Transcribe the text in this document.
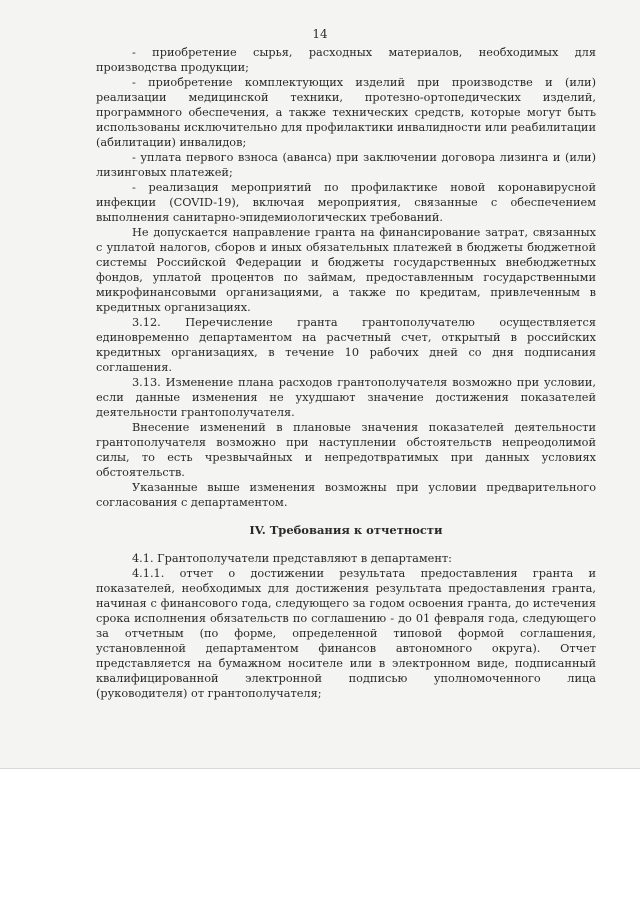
14

- приобретение сырья, расходных материалов, необходимых для производства продукции;

- приобретение комплектующих изделий при производстве и (или) реализации медицинской техники, протезно-ортопедических изделий, программного обеспечения, а также технических средств, которые могут быть использованы исключительно для профилактики инвалидности или реабилитации (абилитации) инвалидов;

- уплата первого взноса (аванса) при заключении договора лизинга и (или) лизинговых платежей;

- реализация мероприятий по профилактике новой коронавирусной инфекции (COVID-19), включая мероприятия, связанные с обеспечением выполнения санитарно-эпидемиологических требований.

Не допускается направление гранта на финансирование затрат, связанных с уплатой налогов, сборов и иных обязательных платежей в бюджеты бюджетной системы Российской Федерации и бюджеты государственных внебюджетных фондов, уплатой процентов по займам, предоставленным государственными микрофинансовыми организациями, а также по кредитам, привлеченным в кредитных организациях.

3.12. Перечисление гранта грантополучателю осуществляется единовременно департаментом на расчетный счет, открытый в российских кредитных организациях, в течение 10 рабочих дней со дня подписания соглашения.

3.13. Изменение плана расходов грантополучателя возможно при условии, если данные изменения не ухудшают значение достижения показателей деятельности грантополучателя.

Внесение изменений в плановые значения показателей деятельности грантополучателя возможно при наступлении обстоятельств непреодолимой силы, то есть чрезвычайных и непредотвратимых при данных условиях обстоятельств.

Указанные выше изменения возможны при условии предварительного согласования с департаментом.

IV. Требования к отчетности

4.1. Грантополучатели представляют в департамент:

4.1.1. отчет о достижении результата предоставления гранта и показателей, необходимых для достижения результата предоставления гранта, начиная с финансового года, следующего за годом освоения гранта, до истечения срока исполнения обязательств по соглашению - до 01 февраля года, следующего за отчетным (по форме, определенной типовой формой соглашения, установленной департаментом финансов автономного округа). Отчет представляется на бумажном носителе или в электронном виде, подписанный квалифицированной электронной подписью уполномоченного лица (руководителя) от грантополучателя;
